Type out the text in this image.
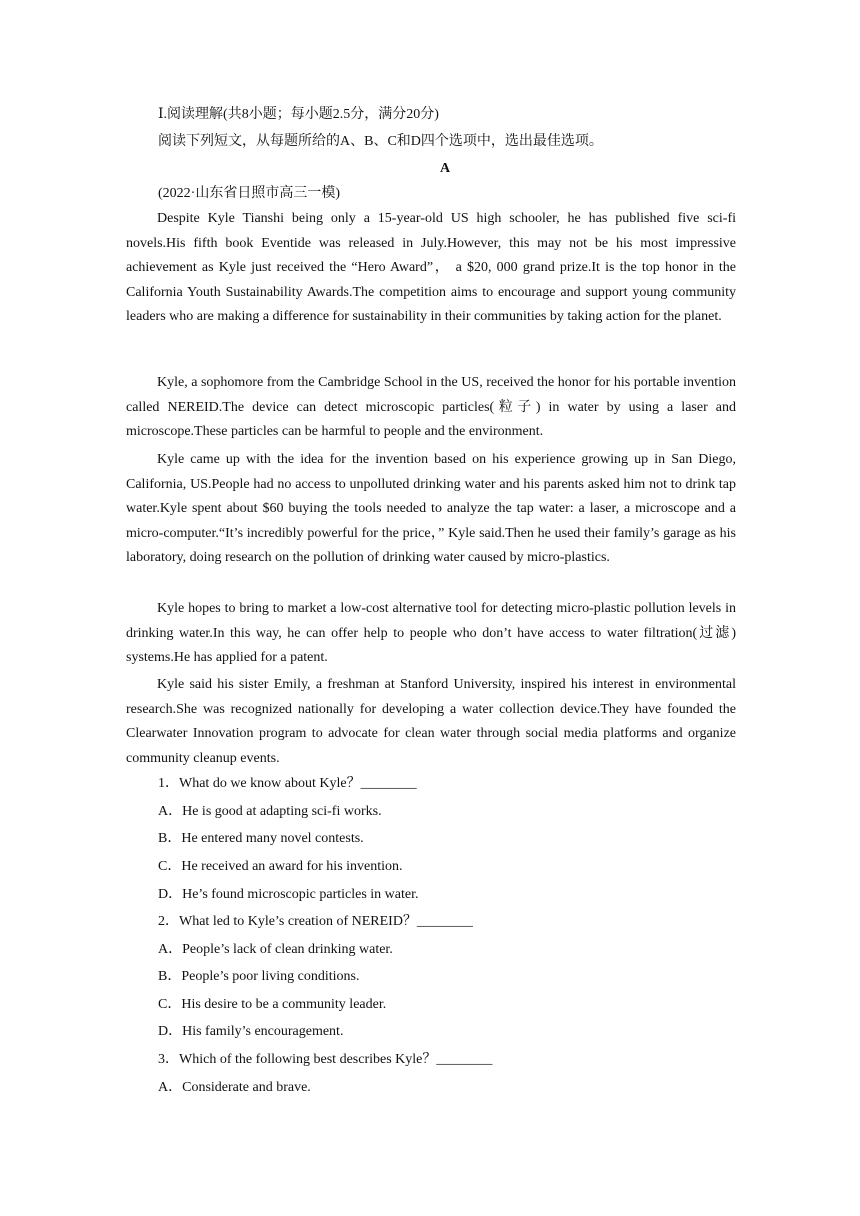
Ⅰ.阅读理解(共8小题；每小题2.5分，满分20分)
阅读下列短文，从每题所给的A、B、C和D四个选项中，选出最佳选项。
A
(2022·山东省日照市高三一模)
Despite Kyle Tianshi being only a 15-year-old US high schooler, he has published five sci-fi novels.His fifth book Eventide was released in July.However, this may not be his most impressive achievement as Kyle just received the “Hero Award”， a $20, 000 grand prize.It is the top honor in the California Youth Sustainability Awards.The competition aims to encourage and support young community leaders who are making a difference for sustainability in their communities by taking action for the planet.
Kyle, a sophomore from the Cambridge School in the US, received the honor for his portable invention called NEREID.The device can detect microscopic particles(粒子) in water by using a laser and microscope.These particles can be harmful to people and the environment.
Kyle came up with the idea for the invention based on his experience growing up in San Diego, California, US.People had no access to unpolluted drinking water and his parents asked him not to drink tap water.Kyle spent about $60 buying the tools needed to analyze the tap water: a laser, a microscope and a micro-computer.“It’s incredibly powerful for the price，” Kyle said.Then he used their family’s garage as his laboratory, doing research on the pollution of drinking water caused by micro-plastics.
Kyle hopes to bring to market a low-cost alternative tool for detecting micro-plastic pollution levels in drinking water.In this way, he can offer help to people who don’t have access to water filtration(过滤) systems.He has applied for a patent.
Kyle said his sister Emily, a freshman at Stanford University, inspired his interest in environmental research.She was recognized nationally for developing a water collection device.They have founded the Clearwater Innovation program to advocate for clean water through social media platforms and organize community cleanup events.
1．What do we know about Kyle？________
A．He is good at adapting sci-fi works.
B．He entered many novel contests.
C．He received an award for his invention.
D．He’s found microscopic particles in water.
2．What led to Kyle’s creation of NEREID？________
A．People’s lack of clean drinking water.
B．People’s poor living conditions.
C．His desire to be a community leader.
D．His family’s encouragement.
3．Which of the following best describes Kyle？________
A．Considerate and brave.
